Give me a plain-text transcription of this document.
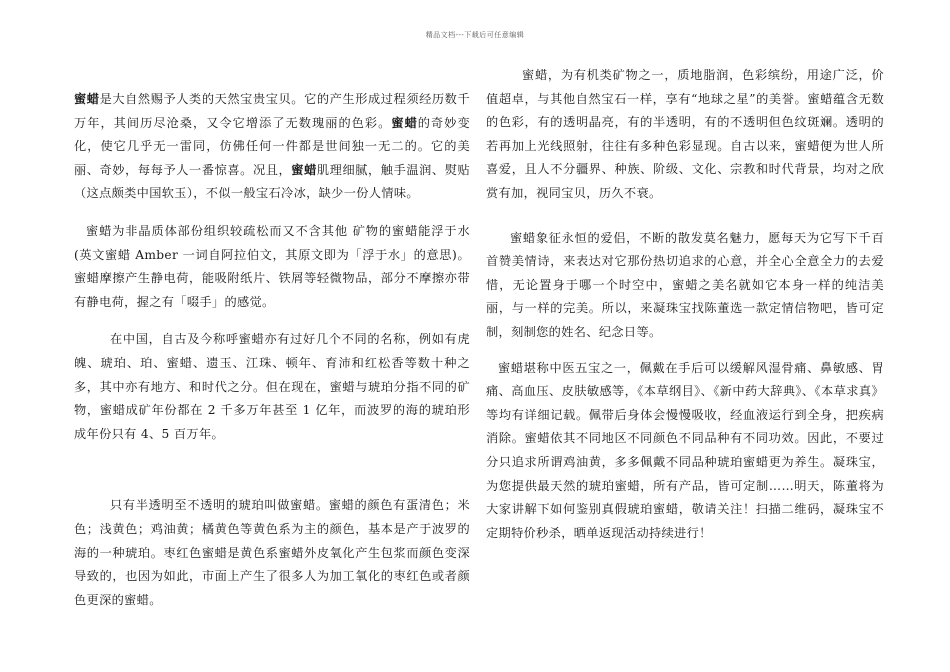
精品文档---下载后可任意编辑

蜜蜡是大自然赐予人类的天然宝贵宝贝。它的产生形成过程须经历数千万年，其间历尽沧桑，又令它增添了无数瑰丽的色彩。蜜蜡的奇妙变化，使它几乎无一雷同，仿佛任何一件都是世间独一无二的。它的美丽、奇妙，每每予人一番惊喜。况且，蜜蜡肌理细腻，触手温润、熨贴（这点颇类中国软玉），不似一般宝石冷冰，缺少一份人情味。

蜜蜡为非晶质体部份组织较疏松而又不含其他 矿物的蜜蜡能浮于水(英文蜜蜡 Amber 一词自阿拉伯文，其原文即为「浮于水」的意思)。蜜蜡摩擦产生静电荷，能吸附纸片、铁屑等轻微物品，部分不摩擦亦带有静电荷，握之有「啜手」的感觉。

在中国，自古及今称呼蜜蜡亦有过好几个不同的名称，例如有虎魄、琥珀、珀、蜜蜡、遗玉、江珠、顿年、育沛和红松香等数十种之多，其中亦有地方、和时代之分。但在现在，蜜蜡与琥珀分指不同的矿物，蜜蜡成矿年份都在 2 千多万年甚至 1 亿年，而波罗的海的琥珀形成年份只有 4、5 百万年。

只有半透明至不透明的琥珀叫做蜜蜡。蜜蜡的颜色有蛋清色；米色；浅黄色；鸡油黄；橘黄色等黄色系为主的颜色，基本是产于波罗的海的一种琥珀。枣红色蜜蜡是黄色系蜜蜡外皮氧化产生包浆而颜色变深导致的，也因为如此，市面上产生了很多人为加工氧化的枣红色或者颜色更深的蜜蜡。

蜜蜡，为有机类矿物之一，质地脂润，色彩缤纷，用途广泛，价值超卓，与其他自然宝石一样，享有“地球之星”的美誉。蜜蜡蕴含无数的色彩，有的透明晶亮，有的半透明，有的不透明但色纹斑斓。透明的若再加上光线照射，往往有多种色彩显现。自古以来，蜜蜡便为世人所喜爱，且人不分疆界、种族、阶级、文化、宗教和时代背景，均对之欣赏有加，视同宝贝，历久不衰。

蜜蜡象征永恒的爱侣，不断的散发莫名魅力，愿每天为它写下千百首赞美情诗，来表达对它那份热切追求的心意，并全心全意全力的去爱惜，无论置身于哪一个时空中，蜜蜡之美名就如它本身一样的纯洁美丽，与一样的完美。所以，来凝珠宝找陈董选一款定情信物吧，皆可定制，刻制您的姓名、纪念日等。

蜜蜡堪称中医五宝之一，佩戴在手后可以缓解风湿骨痛、鼻敏感、胃痛、高血压、皮肤敏感等，《本草纲目》、《新中药大辞典》、《本草求真》等均有详细记载。佩带后身体会慢慢吸收，经血液运行到全身，把疾病消除。蜜蜡依其不同地区不同颜色不同品种有不同功效。因此，不要过分只追求所谓鸡油黄，多多佩戴不同品种琥珀蜜蜡更为养生。凝珠宝，为您提供最天然的琥珀蜜蜡，所有产品，皆可定制……明天，陈董将为大家讲解下如何鉴别真假琥珀蜜蜡，敬请关注！扫描二维码，凝珠宝不定期特价秒杀，晒单返现活动持续进行！
